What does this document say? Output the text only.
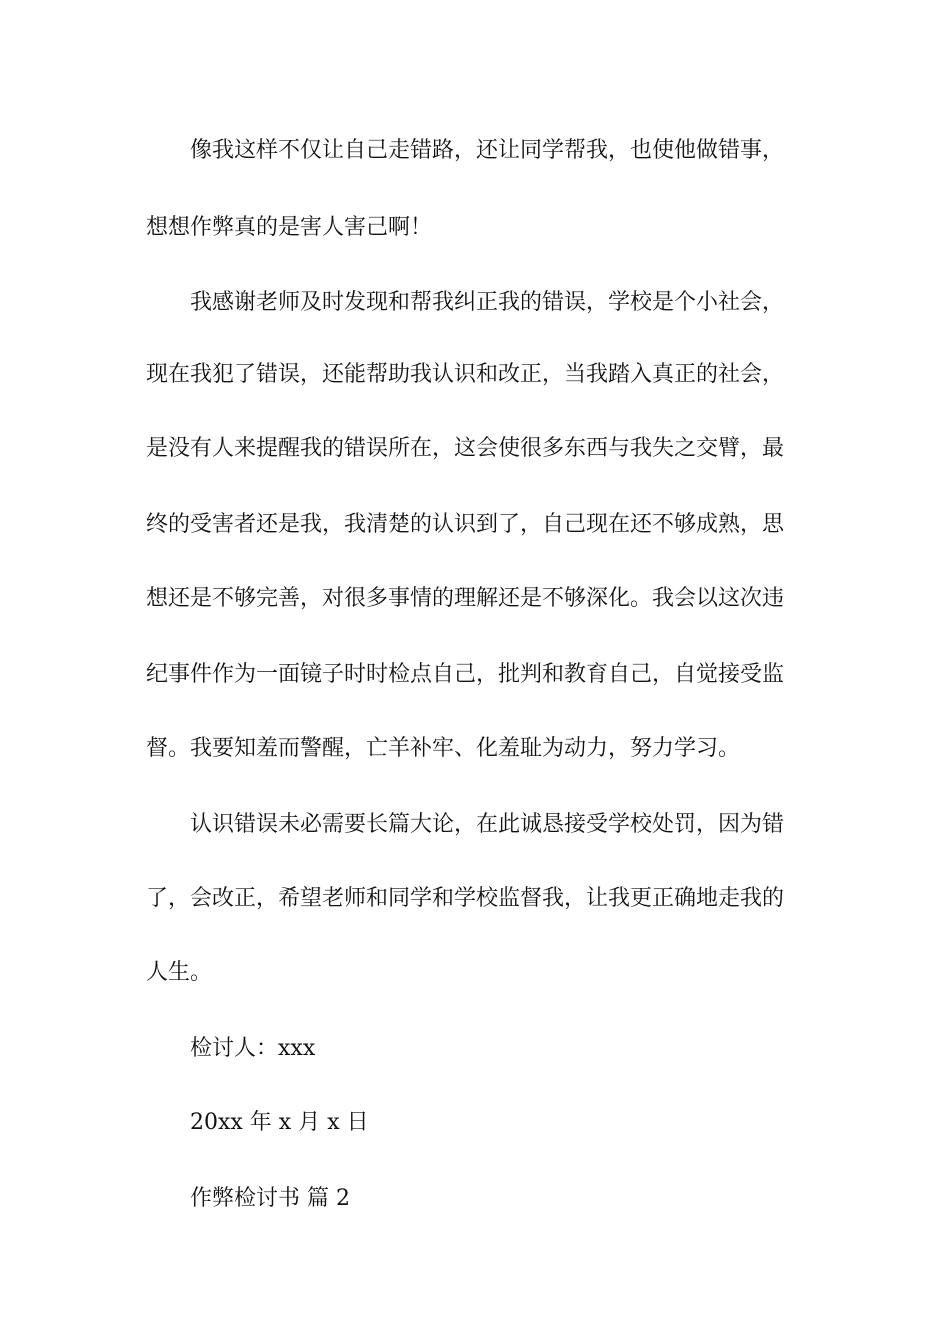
像我这样不仅让自己走错路，还让同学帮我，也使他做错事，
想想作弊真的是害人害己啊！
我感谢老师及时发现和帮我纠正我的错误，学校是个小社会，
现在我犯了错误，还能帮助我认识和改正，当我踏入真正的社会，
是没有人来提醒我的错误所在，这会使很多东西与我失之交臂，最
终的受害者还是我，我清楚的认识到了，自己现在还不够成熟，思
想还是不够完善，对很多事情的理解还是不够深化。我会以这次违
纪事件作为一面镜子时时检点自己，批判和教育自己，自觉接受监
督。我要知羞而警醒，亡羊补牢、化羞耻为动力，努力学习。
认识错误未必需要长篇大论，在此诚恳接受学校处罚，因为错
了，会改正，希望老师和同学和学校监督我，让我更正确地走我的
人生。
检讨人：xxx
20xx 年 x 月 x 日
作弊检讨书 篇 2
